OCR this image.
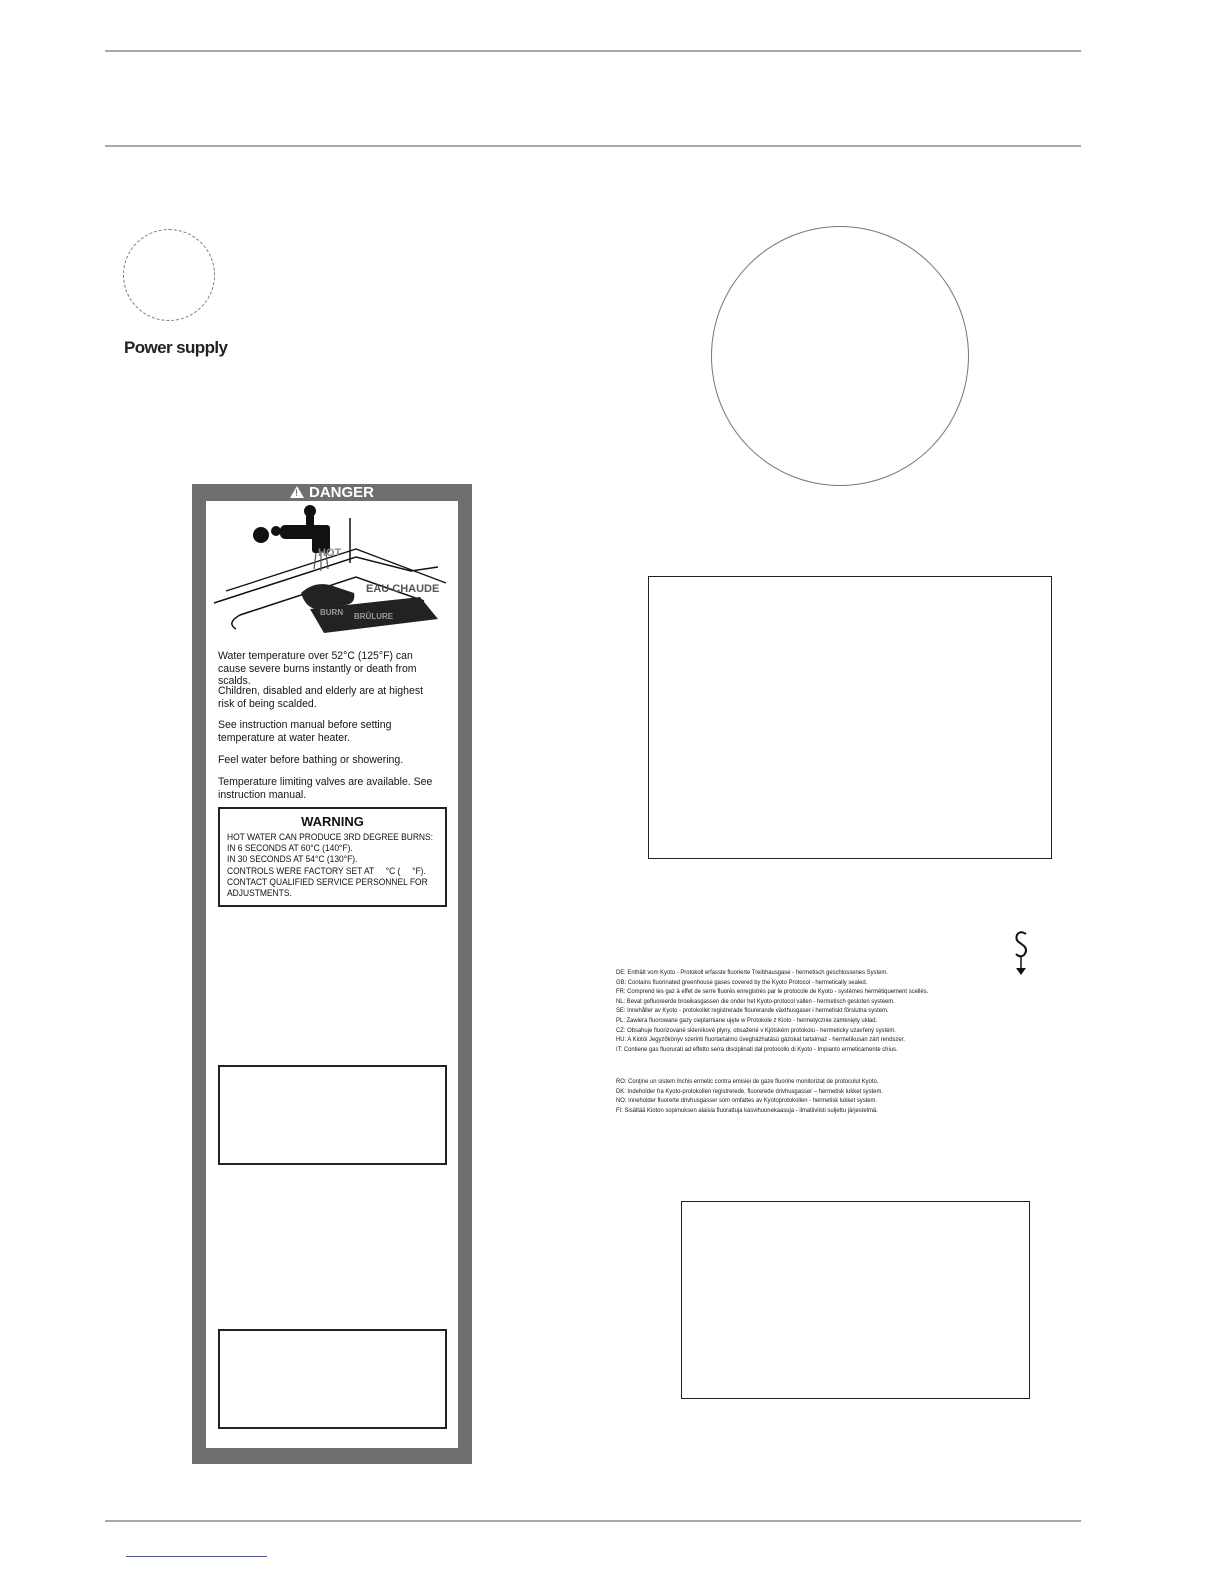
Power supply
! DANGER
HOT
EAU CHAUDE
BURN BRÛLURE
Water temperature over 52°C (125°F) can cause severe burns instantly or death from scalds.
Children, disabled and elderly are at highest risk of being scalded.
See instruction manual before setting temperature at water heater.
Feel water before bathing or showering.
Temperature limiting valves are available. See instruction manual.
WARNING
HOT WATER CAN PRODUCE 3RD DEGREE BURNS:
IN 6 SECONDS AT 60°C (140°F).
IN 30 SECONDS AT 54°C (130°F).
CONTROLS WERE FACTORY SET AT     °C (     °F).
CONTACT QUALIFIED SERVICE PERSONNEL FOR
ADJUSTMENTS.
DE: Enthält vom Kyoto - Protokoll erfasste fluorierte Treibhausgase - hermetisch geschlossenes System.
GB: Contains fluorinated greenhouse gases covered by the Kyoto Protocol - hermetically sealed.
FR: Comprend les gaz à effet de serre fluorés enregistrés par le protocole de Kyoto - systèmes hermétiquement scellés.
NL: Bevat gefluoreerde broeikasgassen die onder het Kyoto-protocol vallen - hermetisch gesloten systeem.
SE: Innehåller av Kyoto - protokollet registrerade flourerande växthusgaser i hermetiskt förslutna system.
PL: Zawiera fluorowane gazy cieplarniane ujęte w Protokole z Kioto - hermetycznie zamknięty układ.
CZ: Obsahuje fluorizované skleníkové plyny, obsažené v Kjótském protokolu - hermeticky uzavřený systém.
HU: A Kiotói Jegyzőkönyv szerinti fluortartalmú üvegházhatású gázokat tartalmaz - hermetikusan zárt rendszer.
IT: Contiene gas fluorurati ad effetto serra disciplinati dal protocollo di Kyoto - Impianto ermeticamente chius.
RO: Conţine un sistem închis ermetic contra emisiei de gaze fluorine monitorizat de protocolul Kyoto.
DK: Indeholder fra Kyoto-protokollen registrerede, fluorerede drivhusgasser – hermetisk lukket system.
NO: Inneholder fluorerte drivhusgasser som omfattes av Kyotoprotokollen - hermetisk lukket system.
FI: Sisältää Kioton sopimuksen alaisia fluorattuja kasvihuonekaasuja - ilmatiiviisti suljettu järjestelmä.
